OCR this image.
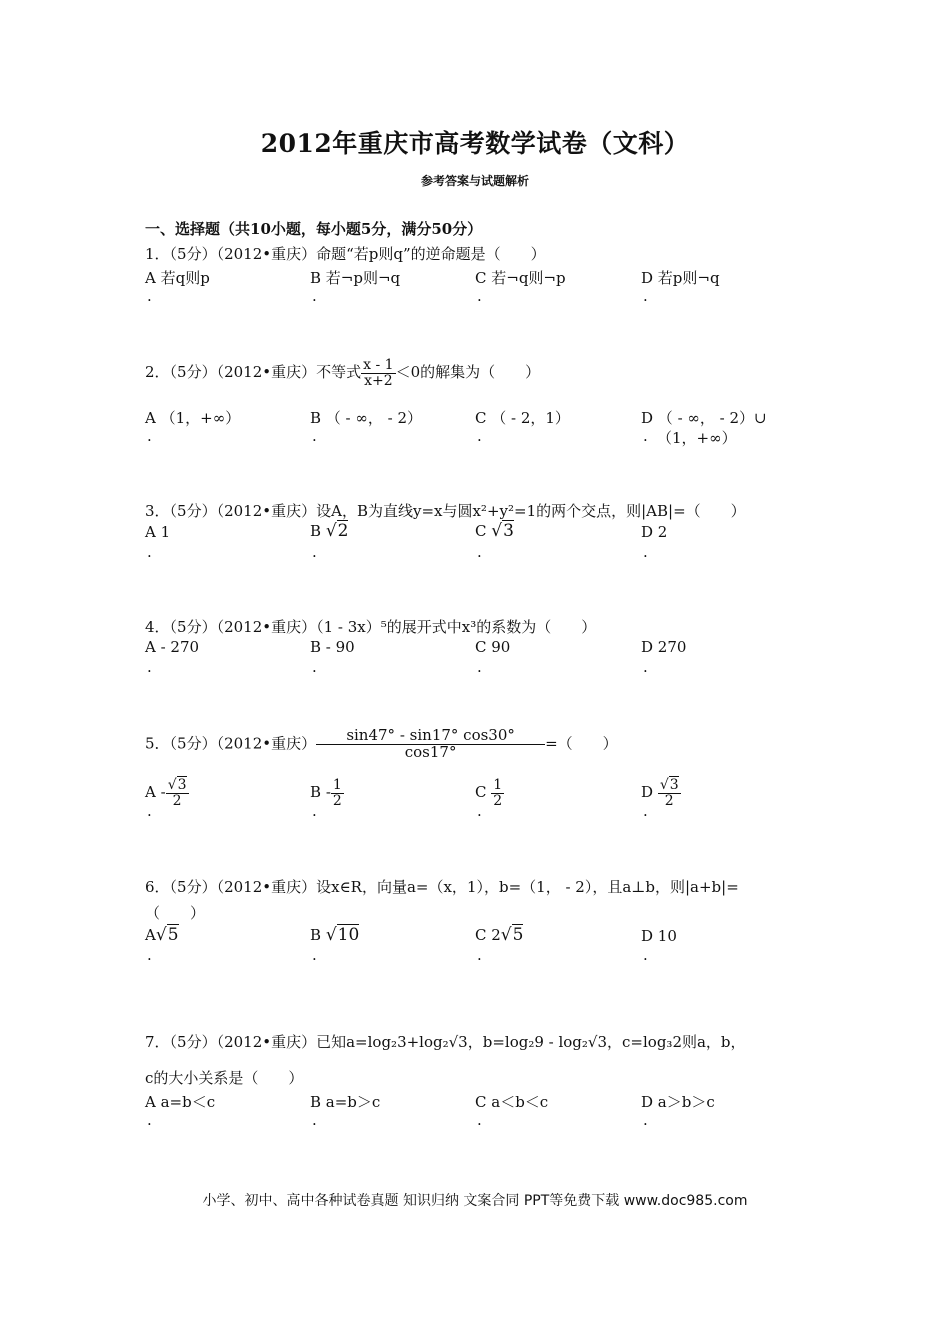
2012年重庆市高考数学试卷（文科）
参考答案与试题解析
一、选择题（共10小题，每小题5分，满分50分）
1．（5分）（2012•重庆）命题“若p则q”的逆命题是（　　）
A 若q则p	B 若¬p则¬q	C 若¬q则¬p	D 若p则¬q
.	.	.	.
2．（5分）（2012•重庆）不等式 $\frac{x - 1}{x+2} <0$的解集为（　　）
A （1，+∞）	B （ - ∞， - 2）	C （ - 2，1）	D （ - ∞， - 2）∪
（1，+∞）
.	.	.	.
3．（5分）（2012•重庆）设A，B为直线y=x与圆x²+y²=1的两个交点，则|AB|=（　　）
A 1	B √2	C √3	D 2
.	.	.	.
4．（5分）（2012•重庆）（1 - 3x）⁵的展开式中x³的系数为（　　）
A - 270	B - 90	C 90	D 270
.	.	.	.
5．（5分）（2012•重庆） $\frac{\sin 47^\circ - \sin 17^\circ \cos 30^\circ}{\cos 17^\circ}$ =（　　）
A - $\frac{√3}{2}$	B - $\frac{1}{2}$	C $\frac{1}{2}$	D $\frac{√3}{2}$
.	.	.	.
6．（5分）（2012•重庆）设x∈R，向量a=（x，1），b=（1， - 2），且a⊥b，则|a+b|=
（　　）
A√5	B √10	C 2√5	D 10
.	.	.	.
7．（5分）（2012•重庆）已知a=log₂3+log₂√3，b=log₂9 - log₂√3，c=log₃2则a，b，
c的大小关系是（　　）
A a=b＜c	B a=b＞c	C a＜b＜c	D a＞b＞c
.	.	.	.
小学、初中、高中各种试卷真题 知识归纳 文案合同 PPT等免费下载 www.doc985.com
